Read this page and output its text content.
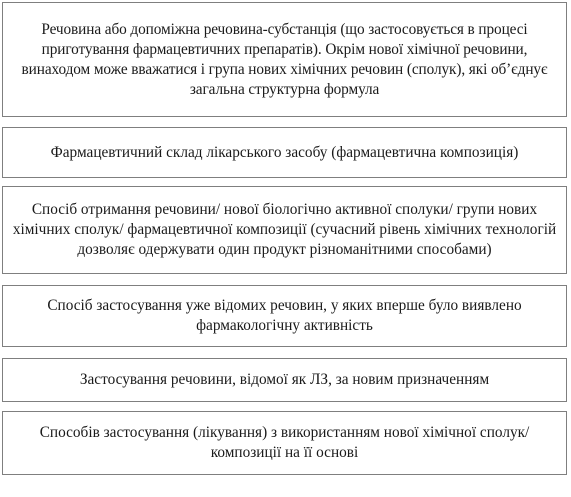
Речовина або допоміжна речовина-субстанція (що застосовується в процесі приготування фармацевтичних препаратів). Окрім нової хімічної речовини, винаходом може вважатися і група нових хімічних речовин (сполук), які об’єднує загальна структурна формула
Фармацевтичний склад лікарського засобу (фармацевтична композиція)
Спосіб отримання речовини/ нової біологічно активної сполуки/ групи нових хімічних сполук/ фармацевтичної композиції (сучасний рівень хімічних технологій дозволяє одержувати один продукт різноманітними способами)
Спосіб застосування уже відомих речовин, у яких вперше було виявлено фармакологічну активність
Застосування речовини, відомої як ЛЗ, за новим призначенням
Способів застосування (лікування) з використанням нової хімічної сполук/ композиції на її основі
